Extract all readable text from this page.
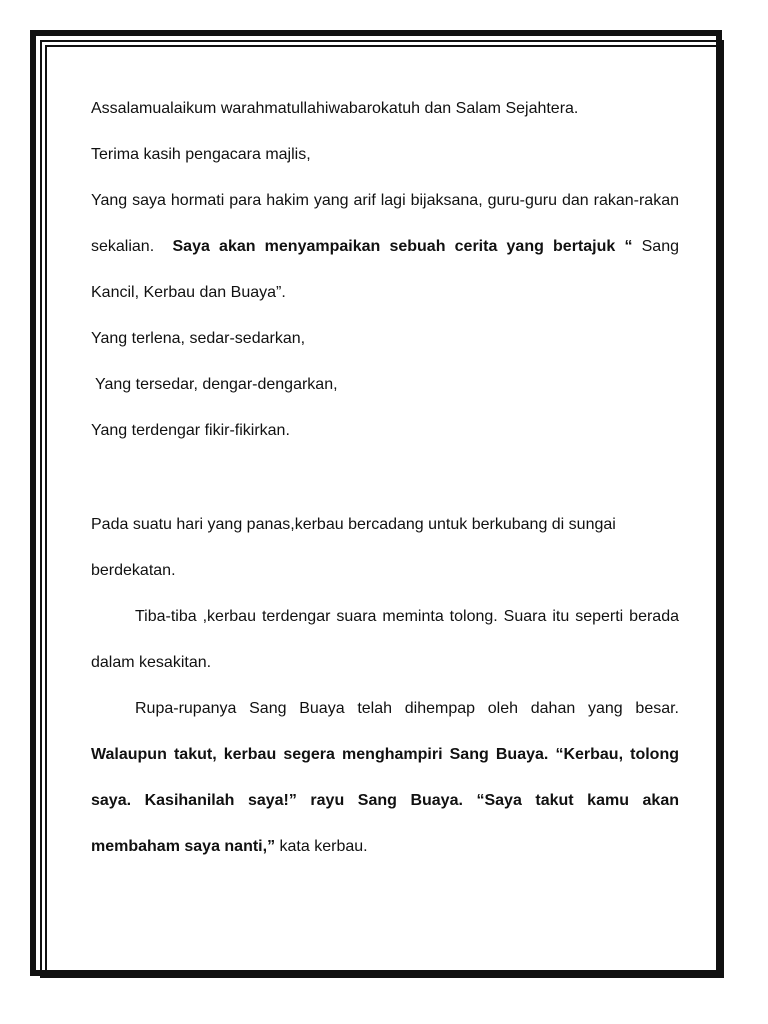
Assalamualaikum warahmatullahiwabarokatuh dan Salam Sejahtera.

Terima kasih pengacara majlis,

Yang saya hormati para hakim yang arif lagi bijaksana, guru-guru dan rakan-rakan sekalian. Saya akan menyampaikan sebuah cerita yang bertajuk “ Sang Kancil, Kerbau dan Buaya”.

Yang terlena, sedar-sedarkan,

Yang tersedar, dengar-dengarkan,

Yang terdengar fikir-fikirkan.

Pada suatu hari yang panas,kerbau bercadang untuk berkubang di sungai berdekatan.

Tiba-tiba ,kerbau terdengar suara meminta tolong. Suara itu seperti berada dalam kesakitan.

Rupa-rupanya Sang Buaya telah dihempap oleh dahan yang besar. Walaupun takut, kerbau segera menghampiri Sang Buaya. “Kerbau, tolong saya. Kasihanilah saya!” rayu Sang Buaya. “Saya takut kamu akan membaham saya nanti,” kata kerbau.
